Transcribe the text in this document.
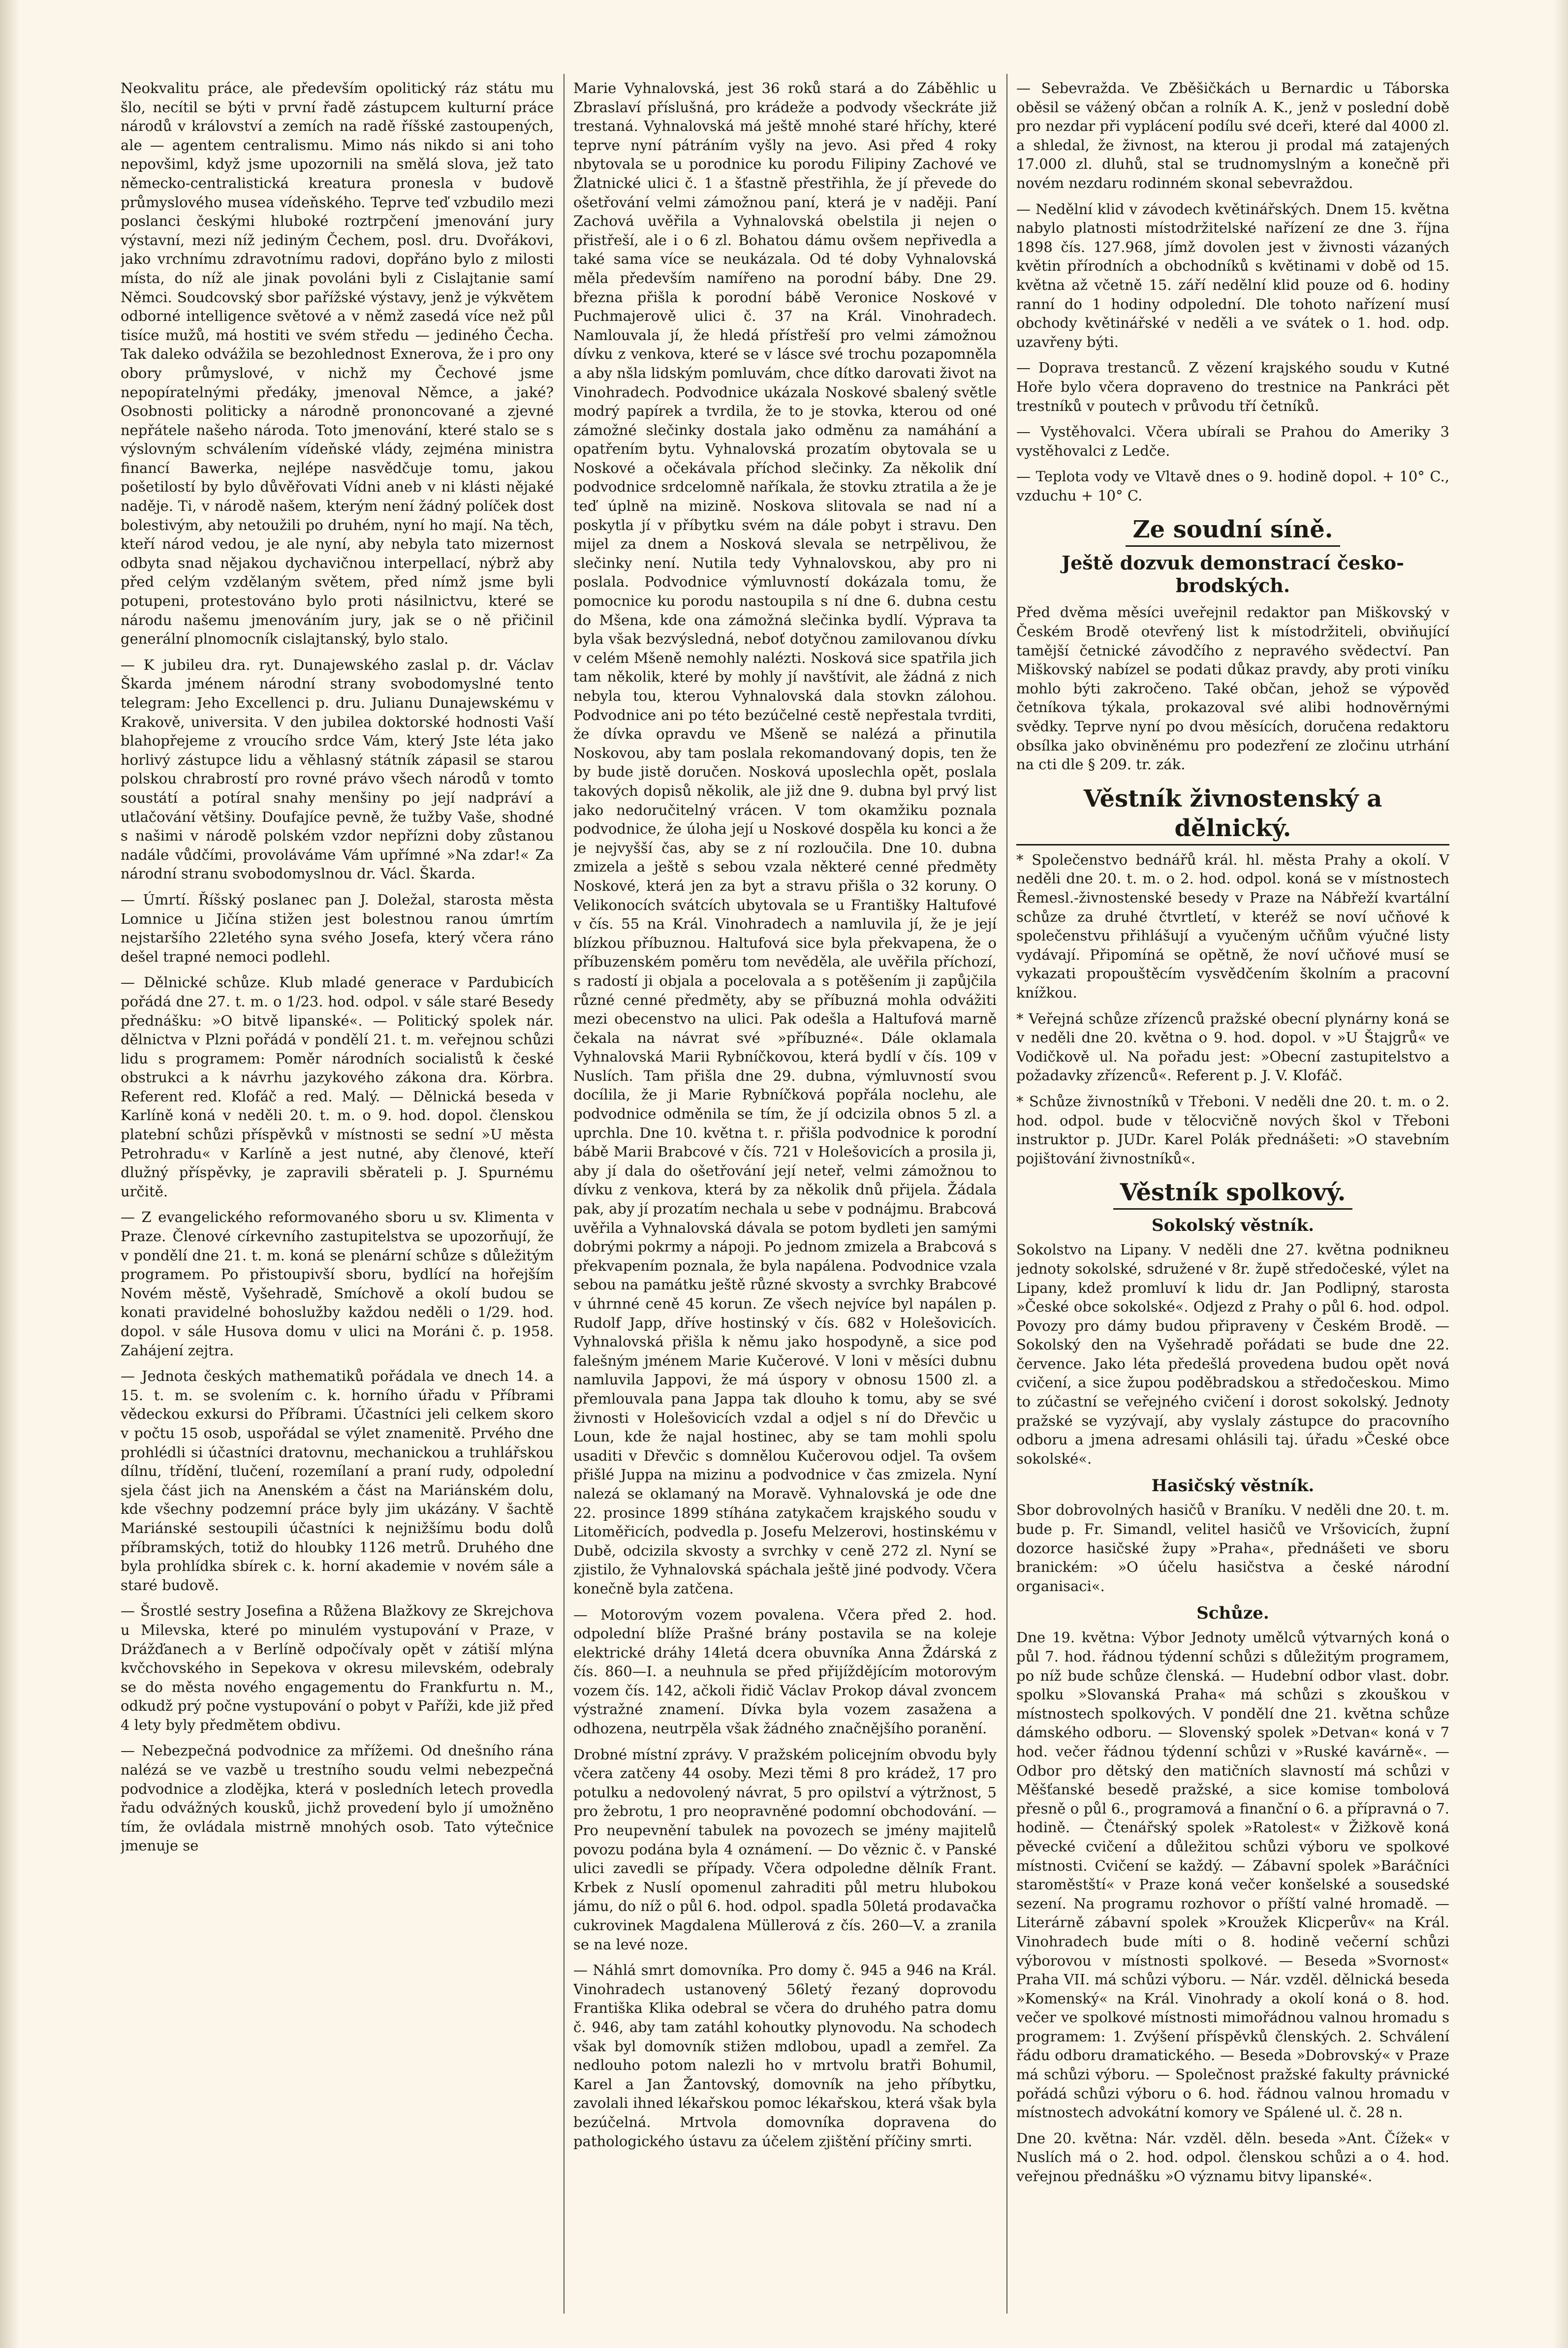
Neokvalitu práce, ale především opolitický ráz státu mu šlo, necítil se býti v první řadě zástupcem kulturní práce národů v království a zemích na radě říšské zastoupených, ale — agentem centralismu. Mimo nás nikdo si ani toho nepovšiml, když jsme upozornili na smělá slova, jež tato německo-centralistická kreatura pronesla v budově průmyslového musea vídeňského. Teprve teď vzbudilo mezi poslanci českými hluboké roztrpčení jmenování jury výstavní, mezi níž jediným Čechem, posl. dru. Dvořákovi, jako vrchnímu zdravotnímu radovi, dopřáno bylo z milosti místa, do níž ale jinak povoláni byli z Cislajtanie samí Němci. Soudcovský sbor pařížské výstavy, jenž je výkvětem odborné intelligence světové a v němž zasedá více než půl tisíce mužů, má hostiti ve svém středu — jediného Čecha. Tak daleko odvážila se bezohlednost Exnerova, že i pro ony obory průmyslové, v nichž my Čechové jsme nepopíratelnými předáky, jmenoval Němce, a jaké? Osobnosti politicky a národně prononcované a zjevné nepřátele našeho národa. Toto jmenování, které stalo se s výslovným schválením vídeňské vlády, zejména ministra financí Bawerka, nejlépe nasvědčuje tomu, jakou pošetilostí by bylo důvěřovati Vídni aneb v ni klásti nějaké naděje. Ti, v národě našem, kterým není žádný políček dost bolestivým, aby netoužili po druhém, nyní ho mají. Na těch, kteří národ vedou, je ale nyní, aby nebyla tato mizernost odbyta snad nějakou dychavičnou interpellací, nýbrž aby před celým vzdělaným světem, před nímž jsme byli potupeni, protestováno bylo proti násilnictvu, které se národu našemu jmenováním jury, jak se o ně přičinil generální plnomocník cislajtanský, bylo stalo.

— K jubileu dra. ryt. Dunajewského zaslal p. dr. Václav Škarda jménem národní strany svobodomyslné tento telegram: Jeho Excellenci p. dru. Julianu Dunajewskému v Krakově, universita. V den jubilea doktorské hodnosti Vaší blahopřejeme z vroucího srdce Vám, který Jste léta jako horlivý zástupce lidu a věhlasný státník zápasil se starou polskou chrabrostí pro rovné právo všech národů v tomto soustátí a potíral snahy menšiny po její nadpráví a utlačování většiny. Doufajíce pevně, že tužby Vaše, shodné s našimi v národě polském vzdor nepřízni doby zůstanou nadále vůdčími, provoláváme Vám upřímné »Na zdar!« Za národní stranu svobodomyslnou dr. Václ. Škarda.

— Úmrtí. Říšský poslanec pan J. Doležal, starosta města Lomnice u Jičína stižen jest bolestnou ranou úmrtím nejstaršího 22letého syna svého Josefa, který včera ráno dešel trapné nemoci podlehl.

— Dělnické schůze. Klub mladé generace v Pardubicích pořádá dne 27. t. m. o 1/23. hod. odpol. v sále staré Besedy přednášku: »O bitvě lipanské«. — Politický spolek nár. dělnictva v Plzni pořádá v pondělí 21. t. m. veřejnou schůzi lidu s programem: Poměr národních socialistů k české obstrukci a k návrhu jazykového zákona dra. Körbra. Referent red. Klofáč a red. Malý. — Dělnická beseda v Karlíně koná v neděli 20. t. m. o 9. hod. dopol. členskou platební schůzi příspěvků v místnosti se sední »U města Petrohradu« v Karlíně a jest nutné, aby členové, kteří dlužný příspěvky, je zapravili sběrateli p. J. Spurnému určitě.

— Z evangelického reformovaného sboru u sv. Klimenta v Praze. Členové církevního zastupitelstva se upozorňují, že v pondělí dne 21. t. m. koná se plenární schůze s důležitým programem. Po přistoupivší sboru, bydlící na hořejším Novém městě, Vyšehradě, Smíchově a okolí budou se konati pravidelné bohoslužby každou neděli o 1/29. hod. dopol. v sále Husova domu v ulici na Moráni č. p. 1958. Zahájení zejtra.

— Jednota českých mathematiků pořádala ve dnech 14. a 15. t. m. se svolením c. k. horního úřadu v Příbrami vědeckou exkursi do Příbrami. Účastníci jeli celkem skoro v počtu 15 osob, uspořádal se výlet znamenitě. Prvého dne prohlédli si účastníci dratovnu, mechanickou a truhlářskou dílnu, třídění, tlučení, rozemílaní a praní rudy, odpolední sjela část jich na Anenském a část na Mariánském dolu, kde všechny podzemní práce byly jim ukázány. V šachtě Mariánské sestoupili účastníci k nejnižšímu bodu dolů příbramských, totiž do hloubky 1126 metrů. Druhého dne byla prohlídka sbírek c. k. horní akademie v novém sále a staré budově.

— Šrostlé sestry Josefina a Růžena Blažkovy ze Skrejchova u Milevska, které po minulém vystupování v Praze, v Drážďanech a v Berlíně odpočívaly opět v zátiší mlýna kvčchovského in Sepekova v okresu milevském, odebraly se do města nového engagementu do Frankfurtu n. M., odkudž prý počne vystupování o pobyt v Paříži, kde již před 4 lety byly předmětem obdivu.

— Nebezpečná podvodnice za mřížemi. Od dnešního rána nalézá se ve vazbě u trestního soudu velmi nebezpečná podvodnice a zlodějka, která v posledních letech provedla řadu odvážných kousků, jichž provedení bylo jí umožněno tím, že ovládala mistrně mnohých osob. Tato výtečnice jmenuje se

Marie Vyhnalovská, jest 36 roků stará a do Záběhlic u Zbraslaví příslušná, pro krádeže a podvody všeckráte již trestaná. Vyhnalovská má ještě mnohé staré hříchy, které teprve nyní pátráním vyšly na jevo. Asi před 4 roky nbytovala se u porodnice ku porodu Filipiny Zachové ve Žlatnické ulici č. 1 a šťastně přestřihla, že jí převede do ošetřování velmi zámožnou paní, která je v naději. Paní Zachová uvěřila a Vyhnalovská obelstila ji nejen o přistřeší, ale i o 6 zl. Bohatou dámu ovšem nepřivedla a také sama více se neukázala. Od té doby Vyhnalovská měla především namířeno na porodní báby. Dne 29. března přišla k porodní bábě Veronice Noskové v Puchmajerově ulici č. 37 na Král. Vinohradech. Namlouvala jí, že hledá přístřeší pro velmi zámožnou dívku z venkova, které se v lásce své trochu pozapomněla a aby nšla lidským pomluvám, chce dítko darovati život na Vinohradech. Podvodnice ukázala Noskové sbalený světle modrý papírek a tvrdila, že to je stovka, kterou od oné zámožné slečinky dostala jako odměnu za namáhání a opatřením bytu. Vyhnalovská prozatím obytovala se u Noskové a očekávala příchod slečinky. Za několik dní podvodnice srdcelomně naříkala, že stovku ztratila a že je teď úplně na mizině. Noskova slitovala se nad ní a poskytla jí v příbytku svém na dále pobyt i stravu. Den mijel za dnem a Nosková slevala se netrpělivou, že slečinky není. Nutila tedy Vyhnalovskou, aby pro ni poslala. Podvodnice výmluvností dokázala tomu, že pomocnice ku porodu nastoupila s ní dne 6. dubna cestu do Mšena, kde ona zámožná slečinka bydlí. Výprava ta byla však bezvýsledná, neboť dotyčnou zamilovanou dívku v celém Mšeně nemohly nalézti. Nosková sice spatřila jich tam několik, které by mohly jí navštívit, ale žádná z nich nebyla tou, kterou Vyhnalovská dala stovkn zálohou. Podvodnice ani po této bezúčelné cestě nepřestala tvrditi, že dívka opravdu ve Mšeně se nalézá a přinutila Noskovou, aby tam poslala rekomandovaný dopis, ten že by bude jistě doručen. Nosková uposlechla opět, poslala takových dopisů několik, ale již dne 9. dubna byl prvý list jako nedoručitelný vrácen. V tom okamžiku poznala podvodnice, že úloha její u Noskové dospěla ku konci a že je nejvyšší čas, aby se z ní rozloučila. Dne 10. dubna zmizela a ještě s sebou vzala některé cenné předměty Noskové, která jen za byt a stravu přišla o 32 koruny. O Velikonocích svátcích ubytovala se u Františky Haltufové v čís. 55 na Král. Vinohradech a namluvila jí, že je její blízkou příbuznou. Haltufová sice byla překvapena, že o příbuzenském poměru tom nevěděla, ale uvěřila příchozí, s radostí ji objala a pocelovala a s potěšením ji zapůjčila různé cenné předměty, aby se příbuzná mohla odvážiti mezi obecenstvo na ulici. Pak odešla a Haltufová marně čekala na návrat své »příbuzné«. Dále oklamala Vyhnalovská Marii Rybníčkovou, která bydlí v čís. 109 v Nuslích. Tam přišla dne 29. dubna, výmluvností svou docílila, že ji Marie Rybníčková popřála noclehu, ale podvodnice odměnila se tím, že jí odcizila obnos 5 zl. a uprchla. Dne 10. května t. r. přišla podvodnice k porodní bábě Marii Brabcové v čís. 721 v Holešovicích a prosila ji, aby jí dala do ošetřování její neteř, velmi zámožnou to dívku z venkova, která by za několik dnů přijela. Žádala pak, aby jí prozatím nechala u sebe v podnájmu. Brabcová uvěřila a Vyhnalovská dávala se potom bydleti jen samými dobrými pokrmy a nápoji. Po jednom zmizela a Brabcová s překvapením poznala, že byla napálena. Podvodnice vzala sebou na památku ještě různé skvosty a svrchky Brabcové v úhrnné ceně 45 korun. Ze všech nejvíce byl napálen p. Rudolf Japp, dříve hostinský v čís. 682 v Holešovicích. Vyhnalovská přišla k němu jako hospodyně, a sice pod falešným jménem Marie Kučerové. V loni v měsíci dubnu namluvila Jappovi, že má úspory v obnosu 1500 zl. a přemlouvala pana Jappa tak dlouho k tomu, aby se své živnosti v Holešovicích vzdal a odjel s ní do Dřevčic u Loun, kde že najal hostinec, aby se tam mohli spolu usaditi v Dřevčic s domnělou Kučerovou odjel. Ta ovšem přišlé Juppa na mizinu a podvodnice v čas zmizela. Nyní nalezá se oklamaný na Moravě. Vyhnalovská je ode dne 22. prosince 1899 stíhána zatykačem krajského soudu v Litoměřicích, podvedla p. Josefu Melzerovi, hostinskému v Dubě, odcizila skvosty a svrchky v ceně 272 zl. Nyní se zjistilo, že Vyhnalovská spáchala ještě jiné podvody. Včera konečně byla zatčena.

— Motorovým vozem povalena. Včera před 2. hod. odpolední blíže Prašné brány postavila se na koleje elektrické dráhy 14letá dcera obuvníka Anna Ždárská z čís. 860—I. a neuhnula se před přijíždějícím motorovým vozem čís. 142, ačkoli řidič Václav Prokop dával zvoncem výstražné znamení. Dívka byla vozem zasažena a odhozena, neutrpěla však žádného značnějšího poranění.

Drobné místní zprávy. V pražském policejním obvodu byly včera zatčeny 44 osoby. Mezi těmi 8 pro krádež, 17 pro potulku a nedovolený návrat, 5 pro opilství a výtržnost, 5 pro žebrotu, 1 pro neopravněné podomní obchodování. — Pro neupevnění tabulek na povozech se jmény majitelů povozu podána byla 4 oznámení. — Do věznic č. v Panské ulici zavedli se případy. Včera odpoledne dělník Frant. Krbek z Nuslí opomenul zahraditi půl metru hlubokou jámu, do níž o půl 6. hod. odpol. spadla 50letá prodavačka cukrovinek Magdalena Müllerová z čís. 260—V. a zranila se na levé noze.

— Náhlá smrt domovníka. Pro domy č. 945 a 946 na Král. Vinohradech ustanovený 56letý řezaný doprovodu Františka Klika odebral se včera do druhého patra domu č. 946, aby tam zatáhl kohoutky plynovodu. Na schodech však byl domovník stižen mdlobou, upadl a zemřel. Za nedlouho potom nalezli ho v mrtvolu bratři Bohumil, Karel a Jan Žantovský, domovník na jeho příbytku, zavolali ihned lékařskou pomoc lékařskou, která však byla bezúčelná. Mrtvola domovníka dopravena do pathologického ústavu za účelem zjištění příčiny smrti.

— Sebevražda. Ve Zběšičkách u Bernardic u Táborska oběsil se vážený občan a rolník A. K., jenž v poslední době pro nezdar při vyplácení podílu své dceři, které dal 4000 zl. a shledal, že živnost, na kterou ji prodal má zatajených 17.000 zl. dluhů, stal se trudnomyslným a konečně při novém nezdaru rodinném skonal sebevraždou.

— Nedělní klid v závodech květinářských. Dnem 15. května nabylo platnosti místodržitelské nařízení ze dne 3. října 1898 čís. 127.968, jímž dovolen jest v živnosti vázaných květin přírodních a obchodníků s květinami v době od 15. května až včetně 15. září nedělní klid pouze od 6. hodiny ranní do 1 hodiny odpolední. Dle tohoto nařízení musí obchody květinářské v neděli a ve svátek o 1. hod. odp. uzavřeny býti.

— Doprava trestanců. Z vězení krajského soudu v Kutné Hoře bylo včera dopraveno do trestnice na Pankráci pět trestníků v poutech v průvodu tří četníků.

— Vystěhovalci. Včera ubírali se Prahou do Ameriky 3 vystěhovalci z Ledče.

— Teplota vody ve Vltavě dnes o 9. hodině dopol. + 10° C., vzduchu + 10° C.

Ze soudní síně.
Ještě dozvuk demonstrací česko-brodských.

Před dvěma měsíci uveřejnil redaktor pan Miškovský v Českém Brodě otevřený list k místodržiteli, obviňující tamější četnické závodčího z nepravého svědectví. Pan Miškovský nabízel se podati důkaz pravdy, aby proti viníku mohlo býti zakročeno. Také občan, jehož se výpověď četníkova týkala, prokazoval své alibi hodnověrnými svědky. Teprve nyní po dvou měsících, doručena redaktoru obsílka jako obviněnému pro podezření ze zločinu utrhání na cti dle § 209. tr. zák.

Věstník živnostenský a dělnický.

* Společenstvo bednářů král. hl. města Prahy a okolí. V neděli dne 20. t. m. o 2. hod. odpol. koná se v místnostech Řemesl.-živnostenské besedy v Praze na Nábřeží kvartální schůze za druhé čtvrtletí, v kteréž se noví učňové k společenstvu přihlášují a vyučeným učňům výučné listy vydávají. Připomíná se opětně, že noví učňové musí se vykazati propouštěcím vysvědčením školním a pracovní knížkou.

* Veřejná schůze zřízenců pražské obecní plynárny koná se v neděli dne 20. května o 9. hod. dopol. v »U Štajgrů« ve Vodičkově ul. Na pořadu jest: »Obecní zastupitelstvo a požadavky zřízenců«. Referent p. J. V. Klofáč.

* Schůze živnostníků v Třeboni. V neděli dne 20. t. m. o 2. hod. odpol. bude v tělocvičně nových škol v Třeboni instruktor p. JUDr. Karel Polák přednášeti: »O stavebním pojištování živnostníků«.

Věstník spolkový.
Sokolský věstník.

Sokolstvo na Lipany. V neděli dne 27. května podnikneu jednoty sokolské, sdružené v 8r. župě středočeské, výlet na Lipany, kdež promluví k lidu dr. Jan Podlipný, starosta »České obce sokolské«. Odjezd z Prahy o půl 6. hod. odpol. Povozy pro dámy budou připraveny v Českém Brodě. — Sokolský den na Vyšehradě pořádati se bude dne 22. července. Jako léta předešlá provedena budou opět nová cvičení, a sice župou poděbradskou a středočeskou. Mimo to zúčastní se veřejného cvičení i dorost sokolský. Jednoty pražské se vyzývají, aby vyslaly zástupce do pracovního odboru a jmena adresami ohlásili taj. úřadu »České obce sokolské«.

Hasičský věstník.

Sbor dobrovolných hasičů v Braníku. V neděli dne 20. t. m. bude p. Fr. Simandl, velitel hasičů ve Vršovicích, župní dozorce hasičské župy »Praha«, přednášeti ve sboru branickém: »O účelu hasičstva a české národní organisaci«.

Schůze.

Dne 19. května: Výbor Jednoty umělců výtvarných koná o půl 7. hod. řádnou týdenní schůzi s důležitým programem, po níž bude schůze členská. — Hudební odbor vlast. dobr. spolku »Slovanská Praha« má schůzi s zkouškou v místnostech spolkových. V pondělí dne 21. května schůze dámského odboru. — Slovenský spolek »Detvan« koná v 7 hod. večer řádnou týdenní schůzi v »Ruské kavárně«. — Odbor pro dětský den matičních slavností má schůzi v Měšťanské besedě pražské, a sice komise tombolová přesně o půl 6., programová a finanční o 6. a přípravná o 7. hodině. — Čtenářský spolek »Ratolest« v Žižkově koná pěvecké cvičení a důležitou schůzi výboru ve spolkové místnosti. Cvičení se každý. — Zábavní spolek »Baráčníci staroměstští« v Praze koná večer konšelské a sousedské sezení. Na programu rozhovor o příští valné hromadě. — Literárně zábavní spolek »Kroužek Klicperův« na Král. Vinohradech bude míti o 8. hodině večerní schůzi výborovou v místnosti spolkové. — Beseda »Svornost« Praha VII. má schůzi výboru. — Nár. vzděl. dělnická beseda »Komenský« na Král. Vinohrady a okolí koná o 8. hod. večer ve spolkové místnosti mimořádnou valnou hromadu s programem: 1. Zvýšení příspěvků členských. 2. Schválení řádu odboru dramatického. — Beseda »Dobrovský« v Praze má schůzi výboru. — Společnost pražské fakulty právnické pořádá schůzi výboru o 6. hod. řádnou valnou hromadu v místnostech advokátní komory ve Spálené ul. č. 28 n.

Dne 20. května: Nár. vzděl. děln. beseda »Ant. Čížek« v Nuslích má o 2. hod. odpol. členskou schůzi a o 4. hod. veřejnou přednášku »O významu bitvy lipanské«.
